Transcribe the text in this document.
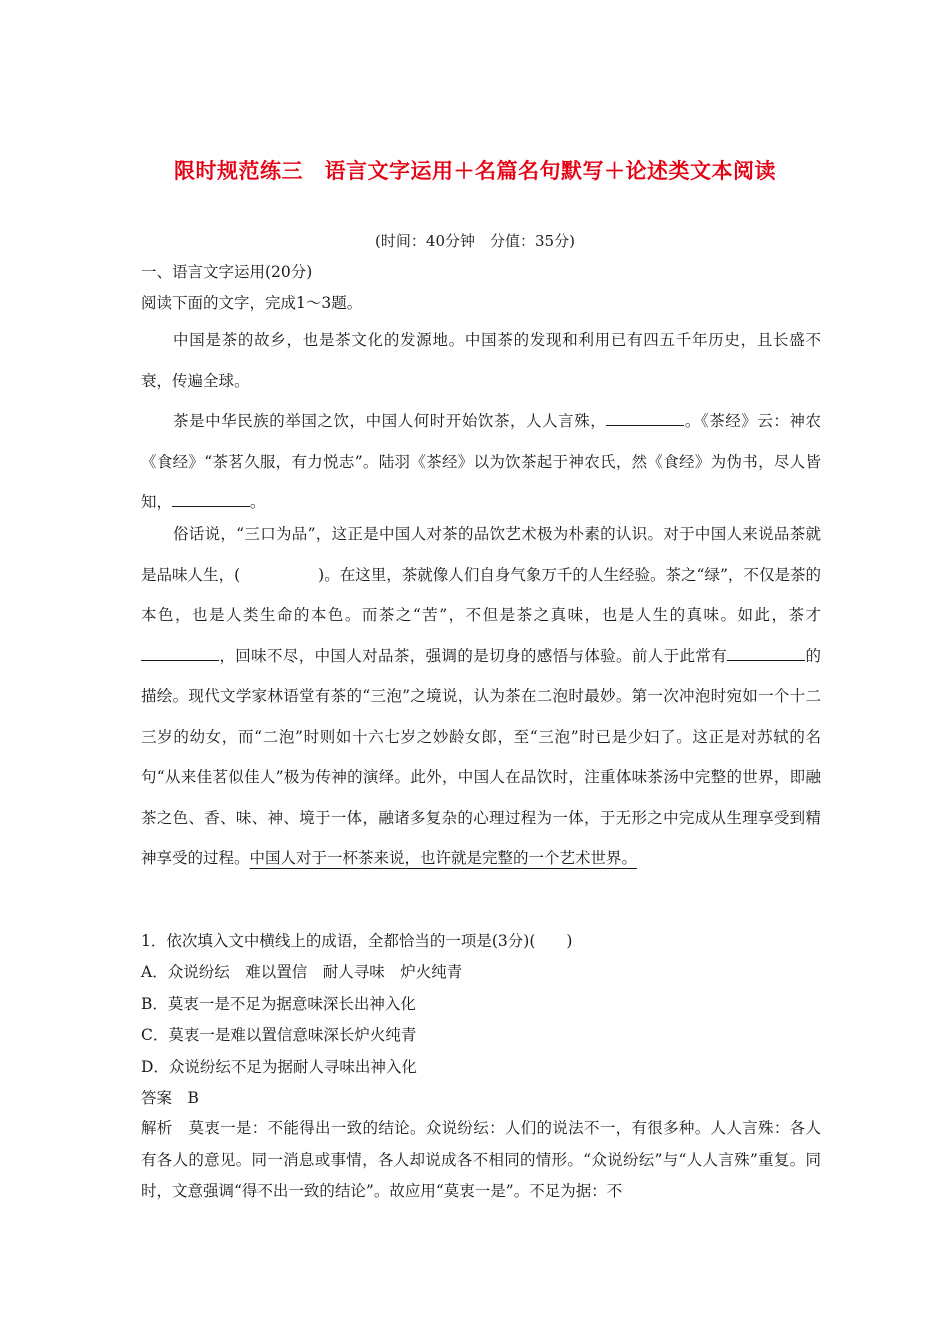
限时规范练三　语言文字运用＋名篇名句默写＋论述类文本阅读
(时间：40分钟　分值：35分)
一、语言文字运用(20分)
阅读下面的文字，完成1～3题。
中国是茶的故乡，也是茶文化的发源地。中国茶的发现和利用已有四五千年历史，且长盛不衰，传遍全球。
茶是中华民族的举国之饮，中国人何时开始饮茶，人人言殊，	。《茶经》云：神农《食经》“茶茗久服，有力悦志”。陆羽《茶经》以为饮茶起于神农氏，然《食经》为伪书，尽人皆知，	。
俗话说，“三口为品”，这正是中国人对茶的品饮艺术极为朴素的认识。对于中国人来说品茶就是品味人生，(	)。在这里，茶就像人们自身气象万千的人生经验。茶之“绿”，不仅是茶的本色，也是人类生命的本色。而茶之“苦”，不但是茶之真味，也是人生的真味。如此，茶才，回味不尽，中国人对品茶，强调的是切身的感悟与体验。前人于此常有	的描绘。现代文学家林语堂有茶的“三泡”之境说，认为茶在二泡时最妙。第一次冲泡时宛如一个十二三岁的幼女，而“二泡”时则如十六七岁之妙龄女郎，至“三泡”时已是少妇了。这正是对苏轼的名句“从来佳茗似佳人”极为传神的演绎。此外，中国人在品饮时，注重体味茶汤中完整的世界，即融茶之色、香、味、神、境于一体，融诸多复杂的心理过程为一体，于无形之中完成从生理享受到精神享受的过程。中国人对于一杯茶来说，也许就是完整的一个艺术世界。
1．依次填入文中横线上的成语，全都恰当的一项是(3分)(　　)
A．众说纷纭　难以置信　耐人寻味　炉火纯青
B．莫衷一是不足为据意味深长出神入化
C．莫衷一是难以置信意味深长炉火纯青
D．众说纷纭不足为据耐人寻味出神入化
答案　B
解析　莫衷一是：不能得出一致的结论。众说纷纭：人们的说法不一，有很多种。人人言殊：各人有各人的意见。同一消息或事情，各人却说成各不相同的情形。“众说纷纭”与“人人言殊”重复。同时，文意强调“得不出一致的结论”。故应用“莫衷一是”。不足为据：不
